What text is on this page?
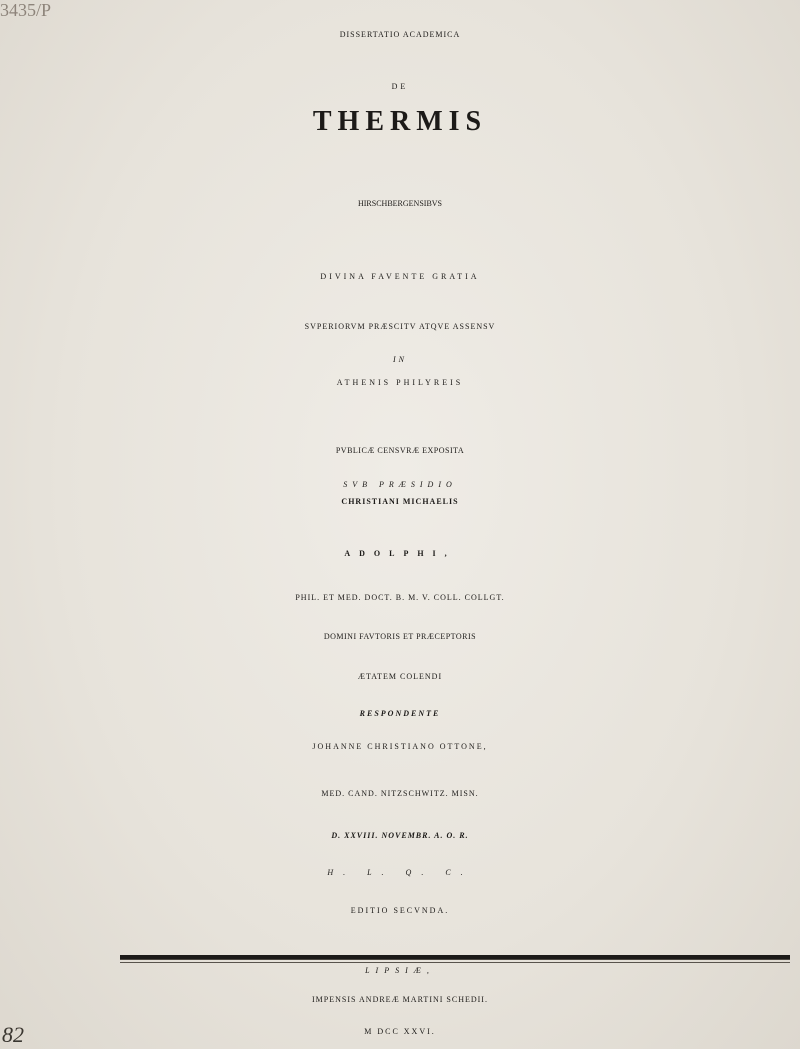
3435/P
DISSERTATIO ACADEMICA
DE
THERMIS
HIRSCHBERGENSIBVS
DIVINA FAVENTE GRATIA
SVPERIORVM PRÆSCITV ATQVE ASSENSV
IN
ATHENIS PHILYREIS
PVBLICÆ CENSVRÆ EXPOSITA
SVB PRÆSIDIO
CHRISTIANI MICHAELIS
ADOLPHI,
PHIL. ET MED. DOCT. B. M. V. COLL. COLLGT.
DOMINI FAVTORIS ET PRÆCEPTORIS
ÆTATEM COLENDI
RESPONDENTE
JOHANNE CHRISTIANO OTTONE,
MED. CAND. NITZSCHWITZ. MISN.
D. XXVIII. NOVEMBR. A. O. R.
H. L. Q. C.
EDITIO SECVNDA.
LIPSIÆ,
IMPENSIS ANDREÆ MARTINI SCHEDII.
M DCC XXVI.
82
